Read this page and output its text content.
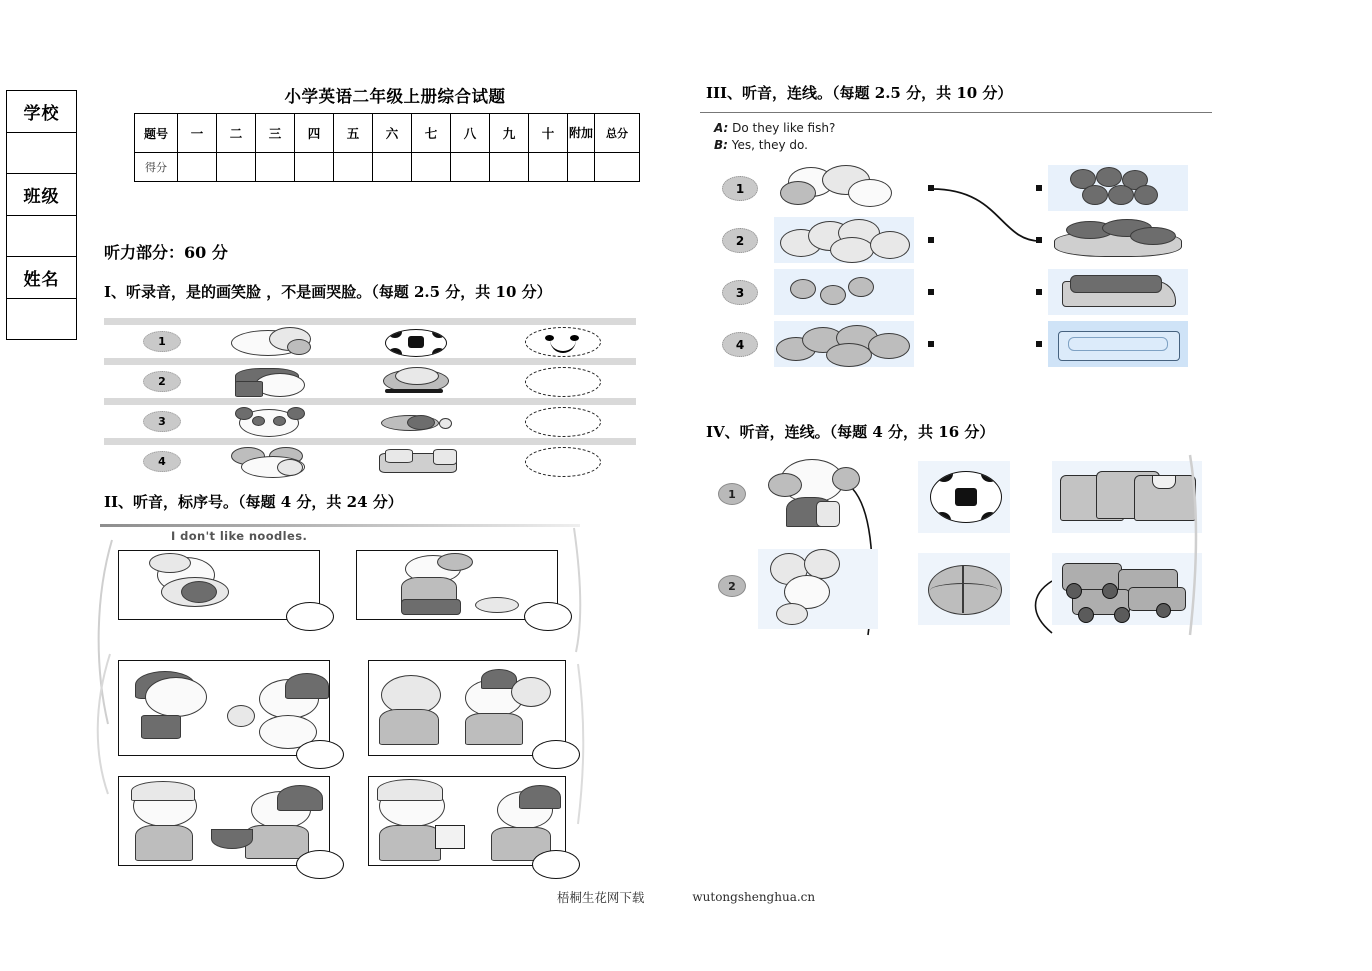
学校
班级
姓名
小学英语二年级上册综合试题
题号	一	二	三	四	五	六	七	八	九	十	附加	总分
得分												
听力部分：60 分
I、听录音，是的画笑脸 ，不是画哭脸。（每题 2.5 分，共 10 分）
1
2
3
4
II、听音，标序号。（每题 4 分，共 24 分）
I don't like noodles.
III、听音，连线。（每题 2.5 分，共 10 分）
A: Do they like fish?
B: Yes, they do.
1
2
3
4
IV、听音，连线。（每题 4 分，共 16 分）
1
2
梧桐生花网下载	wutongshenghua.cn
